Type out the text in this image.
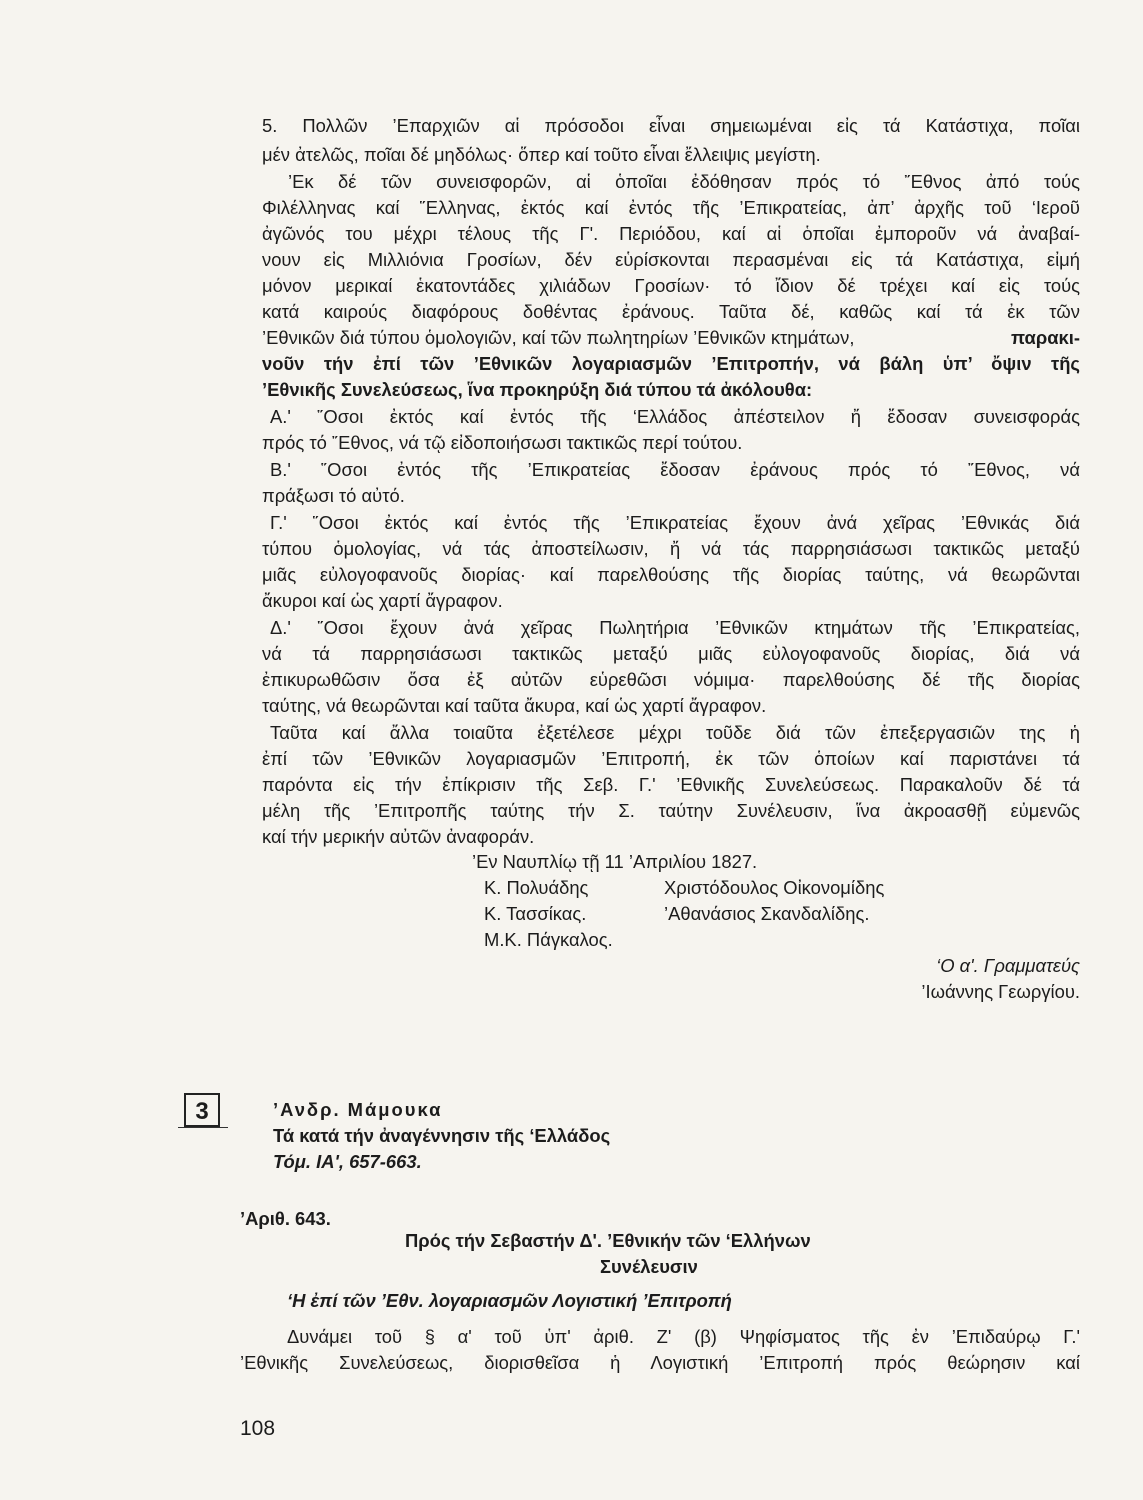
5. Πολλῶν ’Επαρχιῶν αἱ πρόσοδοι εἶναι σημειωμέναι εἰς τά Κατάστιχα, ποῖαι
μέν ἀτελῶς, ποῖαι δέ μηδόλως· ὅπερ καί τοῦτο εἶναι ἔλλειψις μεγίστη.
’Εκ δέ τῶν συνεισφορῶν, αἱ ὁποῖαι ἐδόθησαν πρός τό ῎Εθνος ἀπό τούς
Φιλέλληνας καί ῞Ελληνας, ἐκτός καί ἐντός τῆς ’Επικρατείας, ἀπ’ ἀρχῆς τοῦ ‘Ιεροῦ
ἀγῶνός του μέχρι τέλους τῆς Γ'. Περιόδου, καί αἱ ὁποῖαι ἐμποροῦν νά ἀναβαί-
νουν εἰς Μιλλιόνια Γροσίων, δέν εὑρίσκονται περασμέναι εἰς τά Κατάστιχα, εἰμή
μόνον μερικαί ἑκατοντάδες χιλιάδων Γροσίων· τό ἴδιον δέ τρέχει καί εἰς τούς
κατά καιρούς διαφόρους δοθέντας ἐράνους. Ταῦτα δέ, καθῶς καί τά ἐκ τῶν
’Εθνικῶν διά τύπου ὁμολογιῶν, καί τῶν πωλητηρίων ’Εθνικῶν κτημάτων,	παρακι-
νοῦν τήν ἐπί τῶν ’Εθνικῶν λογαριασμῶν ’Επιτροπήν, νά βάλη ὑπ’ ὄψιν τῆς
’Εθνικῆς Συνελεύσεως, ἵνα προκηρύξη διά τύπου τά ἀκόλουθα:
Α.' ῞Οσοι ἐκτός καί ἐντός τῆς ‘Ελλάδος ἀπέστειλον ἤ ἔδοσαν συνεισφοράς
πρός τό ῎Εθνος, νά τῷ εἰδοποιήσωσι τακτικῶς περί τούτου.
Β.' ῞Οσοι ἐντός τῆς ’Επικρατείας ἔδοσαν ἐράνους πρός τό ῎Εθνος, νά
πράξωσι τό αὐτό.
Γ.' ῞Οσοι ἐκτός καί ἐντός τῆς ’Επικρατείας ἔχουν ἀνά χεῖρας ’Εθνικάς διά
τύπου ὁμολογίας, νά τάς ἀποστείλωσιν, ἤ νά τάς παρρησιάσωσι τακτικῶς μεταξύ
μιᾶς εὐλογοφανοῦς διορίας· καί παρελθούσης τῆς διορίας ταύτης, νά θεωρῶνται
ἄκυροι καί ὡς χαρτί ἄγραφον.
Δ.' ῞Οσοι ἔχουν ἀνά χεῖρας Πωλητήρια ’Εθνικῶν κτημάτων τῆς ’Επικρατείας,
νά τά παρρησιάσωσι τακτικῶς μεταξύ μιᾶς εὐλογοφανοῦς διορίας, διά νά
ἐπικυρωθῶσιν ὅσα ἐξ αὐτῶν εὑρεθῶσι νόμιμα· παρελθούσης δέ τῆς διορίας
ταύτης, νά θεωρῶνται καί ταῦτα ἄκυρα, καί ὡς χαρτί ἄγραφον.
Ταῦτα καί ἄλλα τοιαῦτα ἐξετέλεσε μέχρι τοῦδε διά τῶν ἐπεξεργασιῶν της ἡ
ἐπί τῶν ’Εθνικῶν λογαριασμῶν ’Επιτροπή, ἐκ τῶν ὁποίων καί παριστάνει τά
παρόντα εἰς τήν ἐπίκρισιν τῆς Σεβ. Γ.' ’Εθνικῆς Συνελεύσεως. Παρακαλοῦν δέ τά
μέλη τῆς ’Επιτροπῆς ταύτης τήν Σ. ταύτην Συνέλευσιν, ἵνα ἀκροασθῇ εὐμενῶς
καί τήν μερικήν αὐτῶν ἀναφοράν.
’Εν Ναυπλίῳ τῇ 11 ’Απριλίου 1827.
Κ. Πολυάδης	Χριστόδουλος Οἰκονομίδης
Κ. Τασσίκας.	’Αθανάσιος Σκανδαλίδης.
Μ.Κ. Πάγκαλος.
‘Ο α'. Γραμματεύς
’Ιωάννης Γεωργίου.
3	’Ανδρ. Μάμουκα
Τά κατά τήν ἀναγέννησιν τῆς ‘Ελλάδος
Τόμ. ΙΑ', 657-663.
’Αριθ. 643.
Πρός τήν Σεβαστήν Δ'. ’Εθνικήν τῶν ‘Ελλήνων
Συνέλευσιν
‘Η ἐπί τῶν ’Εθν. λογαριασμῶν Λογιστική ’Επιτροπή
Δυνάμει τοῦ § α' τοῦ ὑπ' ἀριθ. Ζ' (β) Ψηφίσματος τῆς ἐν ’Επιδαύρῳ Γ.'
’Εθνικῆς Συνελεύσεως, διορισθεῖσα ἡ Λογιστική ’Επιτροπή πρός θεώρησιν καί
108
